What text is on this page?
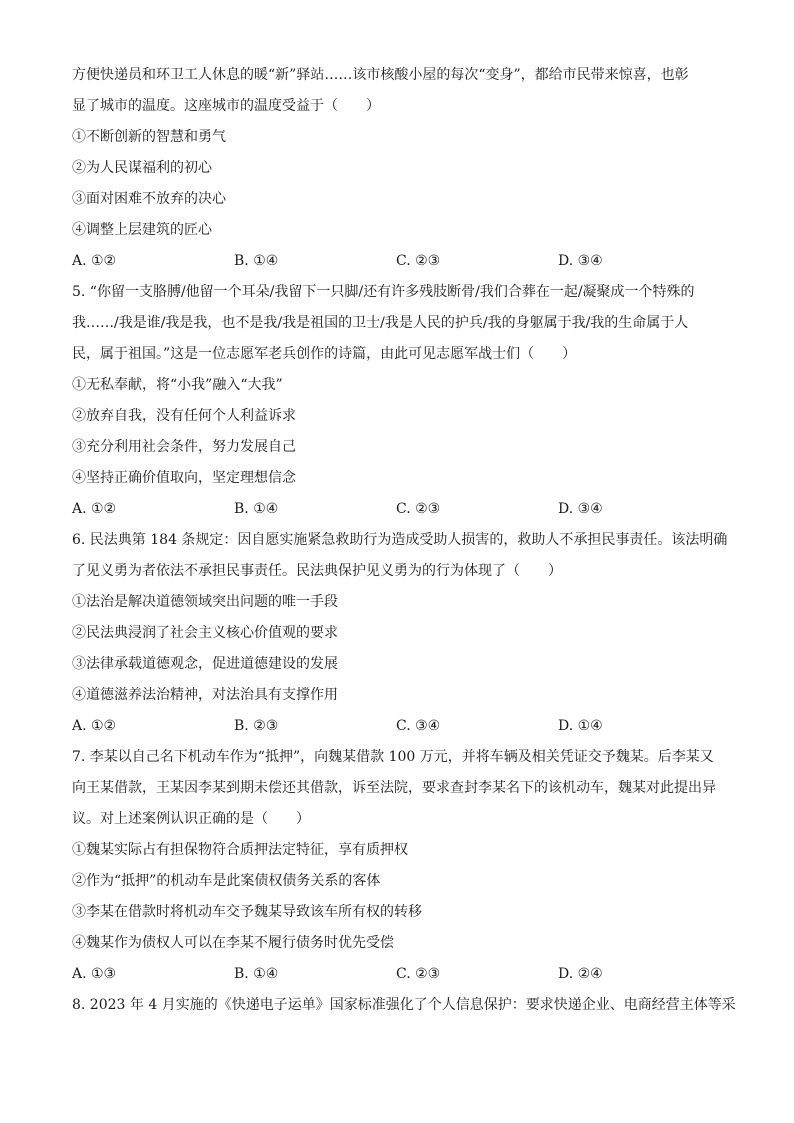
方便快递员和环卫工人休息的暖“新”驿站……该市核酸小屋的每次“变身”，都给市民带来惊喜，也彰
显了城市的温度。这座城市的温度受益于（　　）
①不断创新的智慧和勇气
②为人民谋福利的初心
③面对困难不放弃的决心
④调整上层建筑的匠心
A. ①②	B. ①④	C. ②③	D. ③④
5. “你留一支胳膊/他留一个耳朵/我留下一只脚/还有许多残肢断骨/我们合葬在一起/凝聚成一个特殊的
我……/我是谁/我是我，也不是我/我是祖国的卫士/我是人民的护兵/我的身躯属于我/我的生命属于人
民，属于祖国。”这是一位志愿军老兵创作的诗篇，由此可见志愿军战士们（　　）
①无私奉献，将“小我”融入“大我”
②放弃自我，没有任何个人利益诉求
③充分利用社会条件，努力发展自己
④坚持正确价值取向，坚定理想信念
A. ①②	B. ①④	C. ②③	D. ③④
6. 民法典第 184 条规定：因自愿实施紧急救助行为造成受助人损害的，救助人不承担民事责任。该法明确
了见义勇为者依法不承担民事责任。民法典保护见义勇为的行为体现了（　　）
①法治是解决道德领域突出问题的唯一手段
②民法典浸润了社会主义核心价值观的要求
③法律承载道德观念，促进道德建设的发展
④道德滋养法治精神，对法治具有支撑作用
A. ①②	B. ②③	C. ③④	D. ①④
7. 李某以自己名下机动车作为“抵押”，向魏某借款 100 万元，并将车辆及相关凭证交予魏某。后李某又
向王某借款，王某因李某到期未偿还其借款，诉至法院，要求查封李某名下的该机动车，魏某对此提出异
议。对上述案例认识正确的是（　　）
①魏某实际占有担保物符合质押法定特征，享有质押权
②作为“抵押”的机动车是此案债权债务关系的客体
③李某在借款时将机动车交予魏某导致该车所有权的转移
④魏某作为债权人可以在李某不履行债务时优先受偿
A. ①③	B. ①④	C. ②③	D. ②④
8. 2023 年 4 月实施的《快递电子运单》国家标准强化了个人信息保护：要求快递企业、电商经营主体等采
